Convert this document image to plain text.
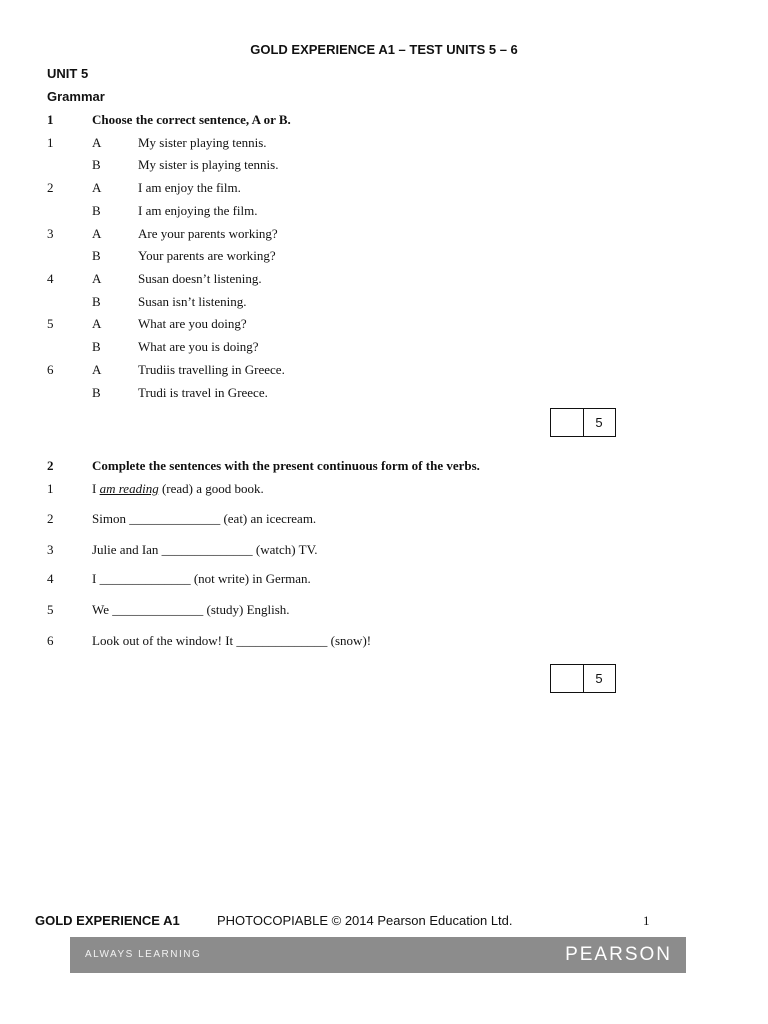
GOLD EXPERIENCE A1 – TEST UNITS 5 – 6
UNIT 5
Grammar
1	Choose the correct sentence, A or B.
1	A	My sister playing tennis.
B	My sister is playing tennis.
2	A	I am enjoy the film.
B	I am enjoying the film.
3	A	Are your parents working?
B	Your parents are working?
4	A	Susan doesn’t listening.
B	Susan isn’t listening.
5	A	What are you doing?
B	What are you is doing?
6	A	Trudiis travelling in Greece.
B	Trudi is travel in Greece.
5
2	Complete the sentences with the present continuous form of the verbs.
1	I am reading (read) a good book.
2	Simon ______________ (eat) an icecream.
3	Julie and Ian ______________ (watch) TV.
4	I ______________ (not write) in German.
5	We ______________ (study) English.
6	Look out of the window! It ______________ (snow)!
5
GOLD EXPERIENCE A1	PHOTOCOPIABLE © 2014 Pearson Education Ltd.	1
ALWAYS LEARNING	PEARSON
